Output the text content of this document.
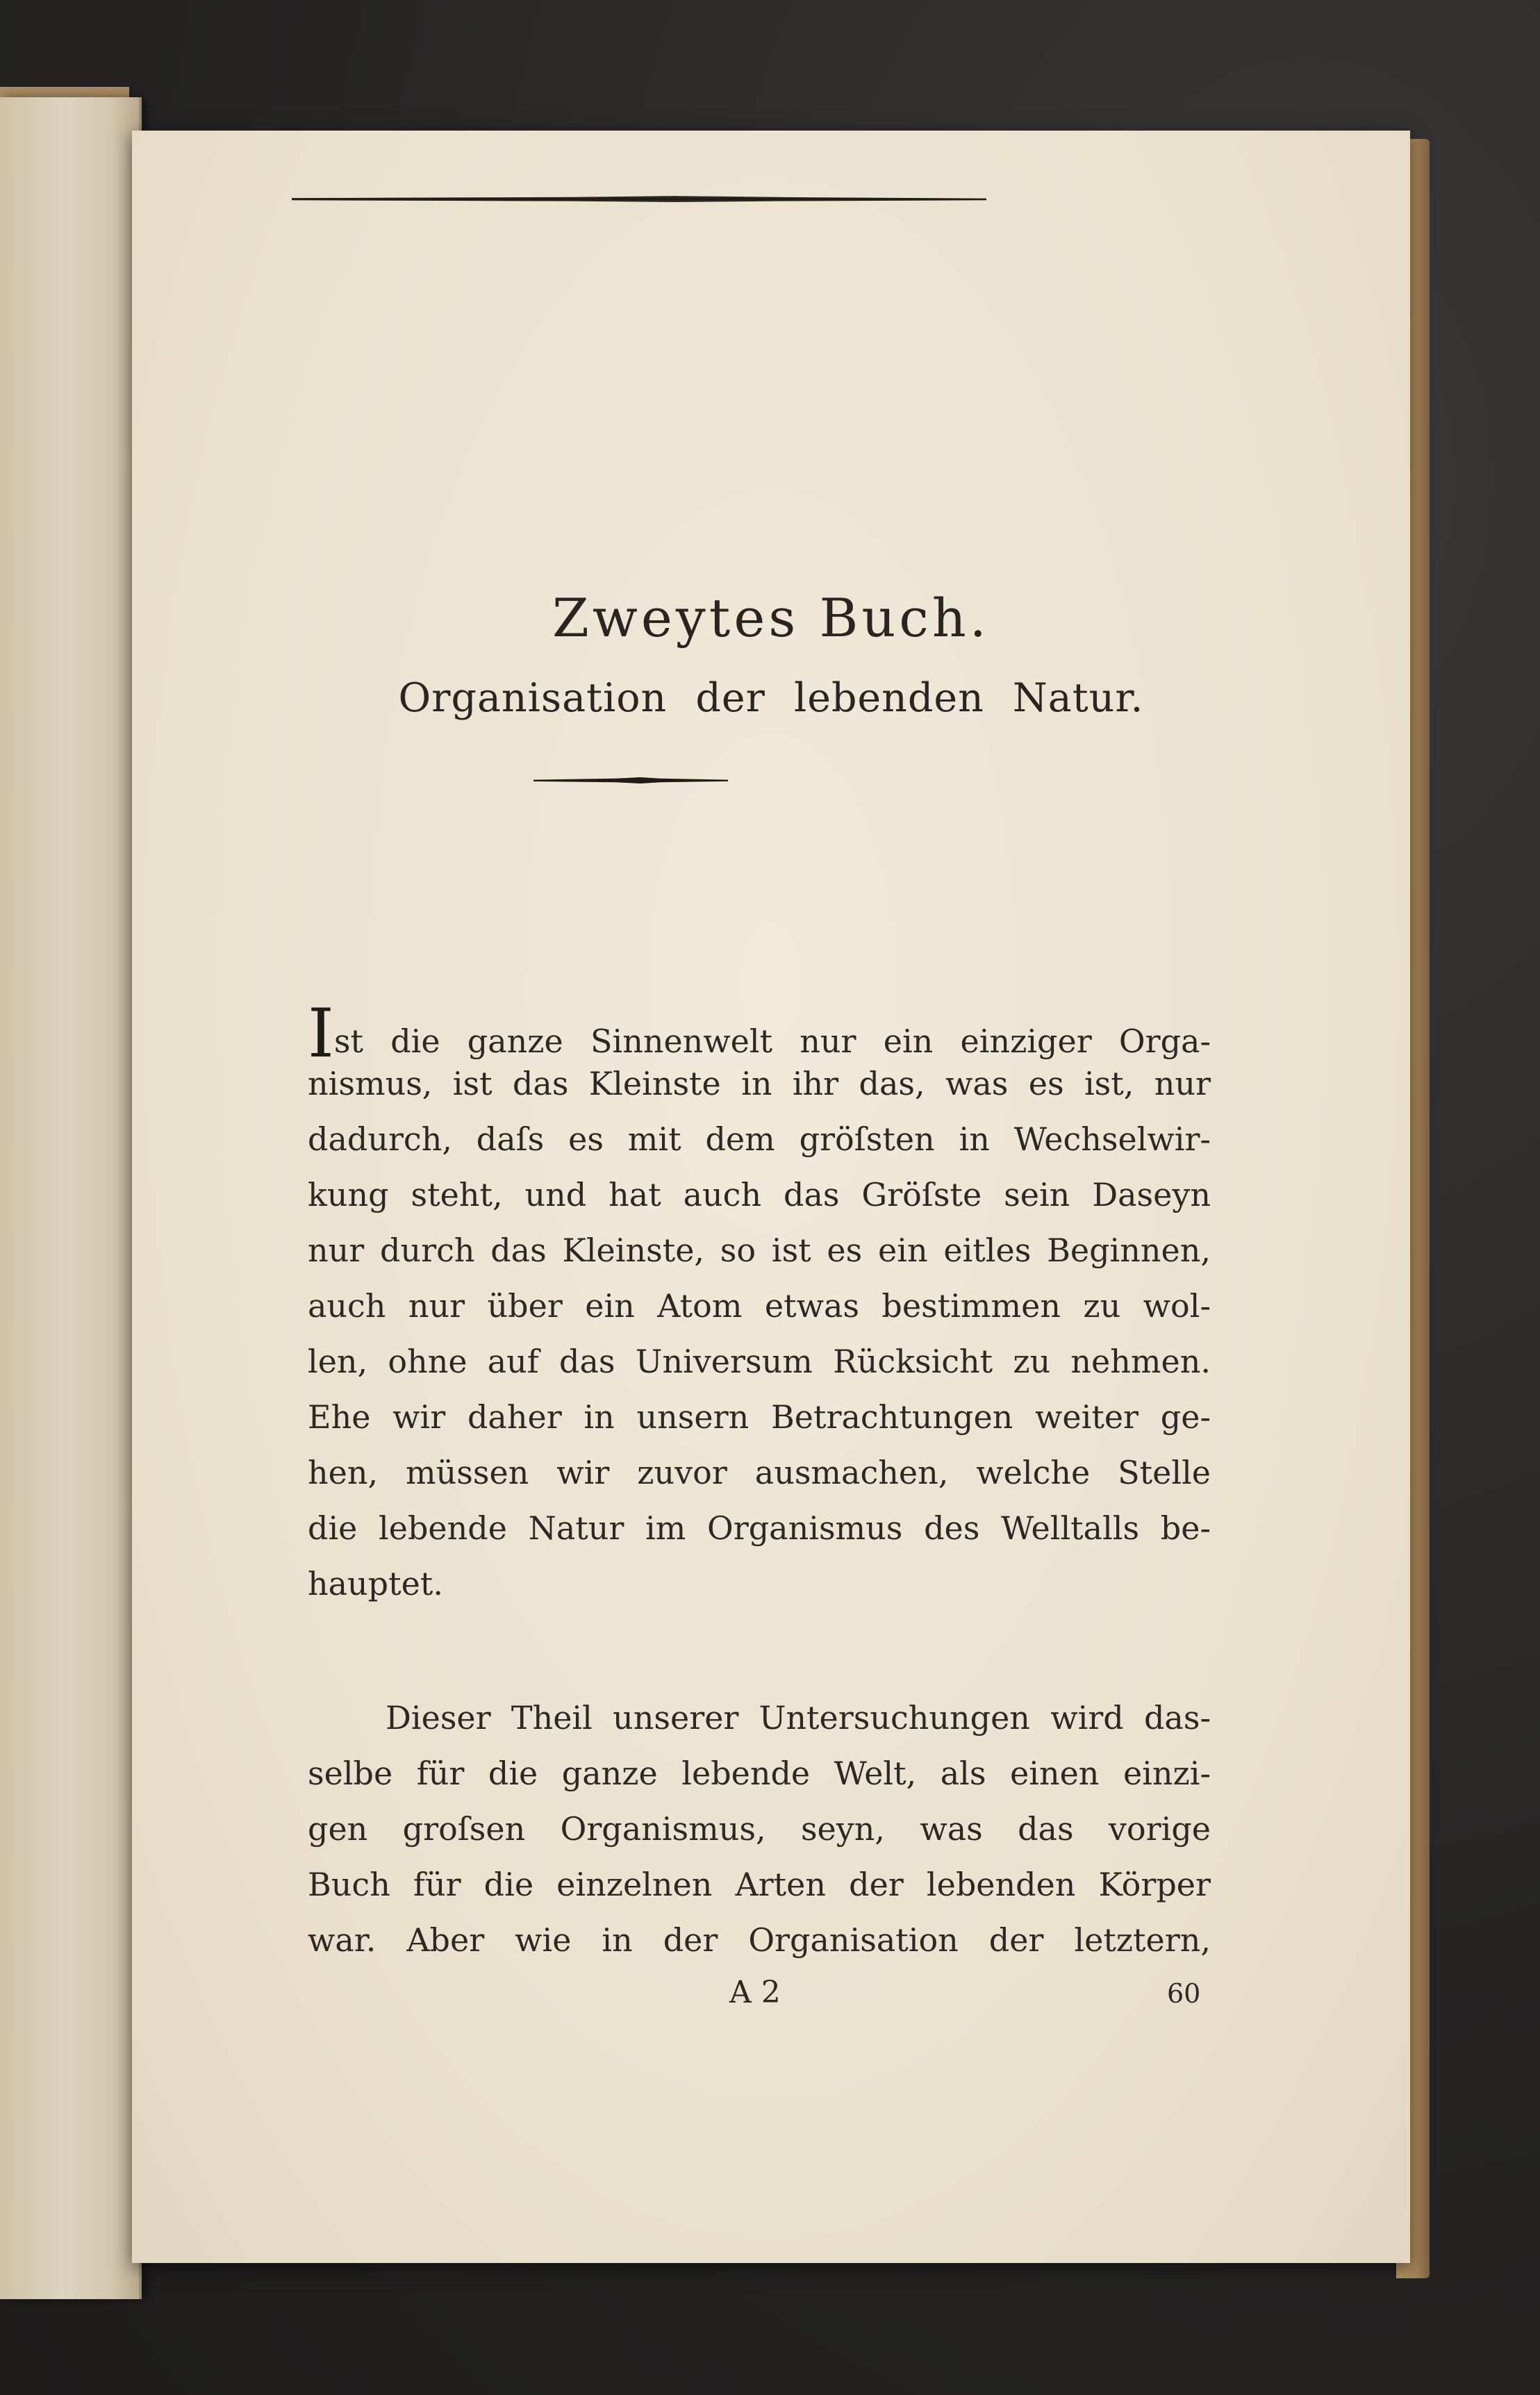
Zweytes Buch.
Organisation der lebenden Natur.
Ist die ganze Sinnenwelt nur ein einziger Orga-
nismus, ist das Kleinste in ihr das, was es ist, nur
dadurch, daſs es mit dem gröſsten in Wechselwir-
kung steht, und hat auch das Gröſste sein Daseyn
nur durch das Kleinste, so ist es ein eitles Beginnen,
auch nur über ein Atom etwas bestimmen zu wol-
len, ohne auf das Universum Rücksicht zu nehmen.
Ehe wir daher in unsern Betrachtungen weiter ge-
hen, müssen wir zuvor ausmachen, welche Stelle
die lebende Natur im Organismus des Welltalls be-
hauptet.
Dieser Theil unserer Untersuchungen wird das-
selbe für die ganze lebende Welt, als einen einzi-
gen groſsen Organismus, seyn, was das vorige
Buch für die einzelnen Arten der lebenden Körper
war. Aber wie in der Organisation der letztern,
A 2	60
